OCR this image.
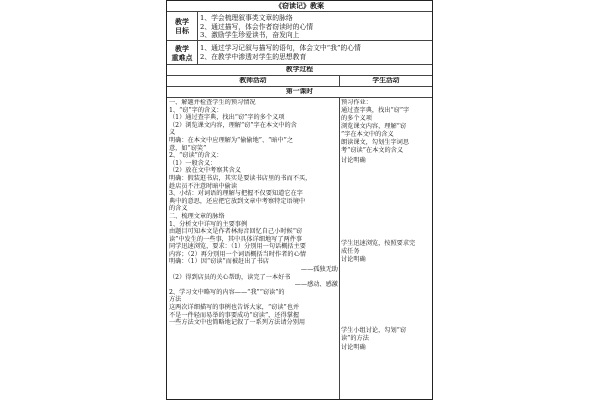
《窃读记》教案
教学
目标
1、学会梳理叙事类文章的脉络
2、通过描写，体会作者窃读时的心情
3、激励学生珍爱读书，奋发向上
教学
重难点
1、通过学习记叙与描写的语句，体会文中“我”的心情
2、在教学中渗透对学生的思想教育
教学过程
教师活动	学生活动
第一课时
一、解题并检查学生的预习情况
1、“窃”字的含义：
（1）通过查字典，找出“窃”字的多个义项
（2）浏览课文内容，理解“窃”字在本文中的含
义
明确：在本文中应理解为“偷偷地”、“暗中”之
意，如“窃笑”
2、“窃读”的含义：
（1）一般含义：
（2）放在文中考察其含义
明确：假装逛书店，其实是要读书店里的书而不买，
趁店员不注意时暗中偷读
3、小结：对词语的理解与把握不仅要知道它在字
典中的意思，还应把它放到文章中考察特定语境中
的含义
二、梳理文章的脉络
1、分析文中详写的主要事例
由题目可知本文是作者林海音回忆自己小时候“窃
读”中发生的一些事，其中具体详细地写了两件事
同学迅速浏览，要求：（1）分别用一句话概括主要
内容；（2）再分别用一个词语概括当时作者的心情
明确：（1）因“窃读”而被赶出了书店
——孤独无助
（2）得到店员的关心帮助，读完了一本好书
——感动、感激
2、学习文中略写的内容——“我”“窃读”的
方法
这两次详细描写的事例也告诉大家，“窃读”也并
不是一件轻而易举的事要成功“窃读”，还得掌握
一些方法文中也简略地记叙了一系列方法请分别用
预习作业：
通过查字典，找出“窃”字
的多个义项
浏览课文内容，理解“窃
”字在本文中的含义
朗读课文，勾划生字词思
考“窃读”在本文的含义
讨论明确
学生迅速浏览，按照要求完
成任务
讨论明确
学生小组讨论，勾划“窃
读”的方法
讨论明确
